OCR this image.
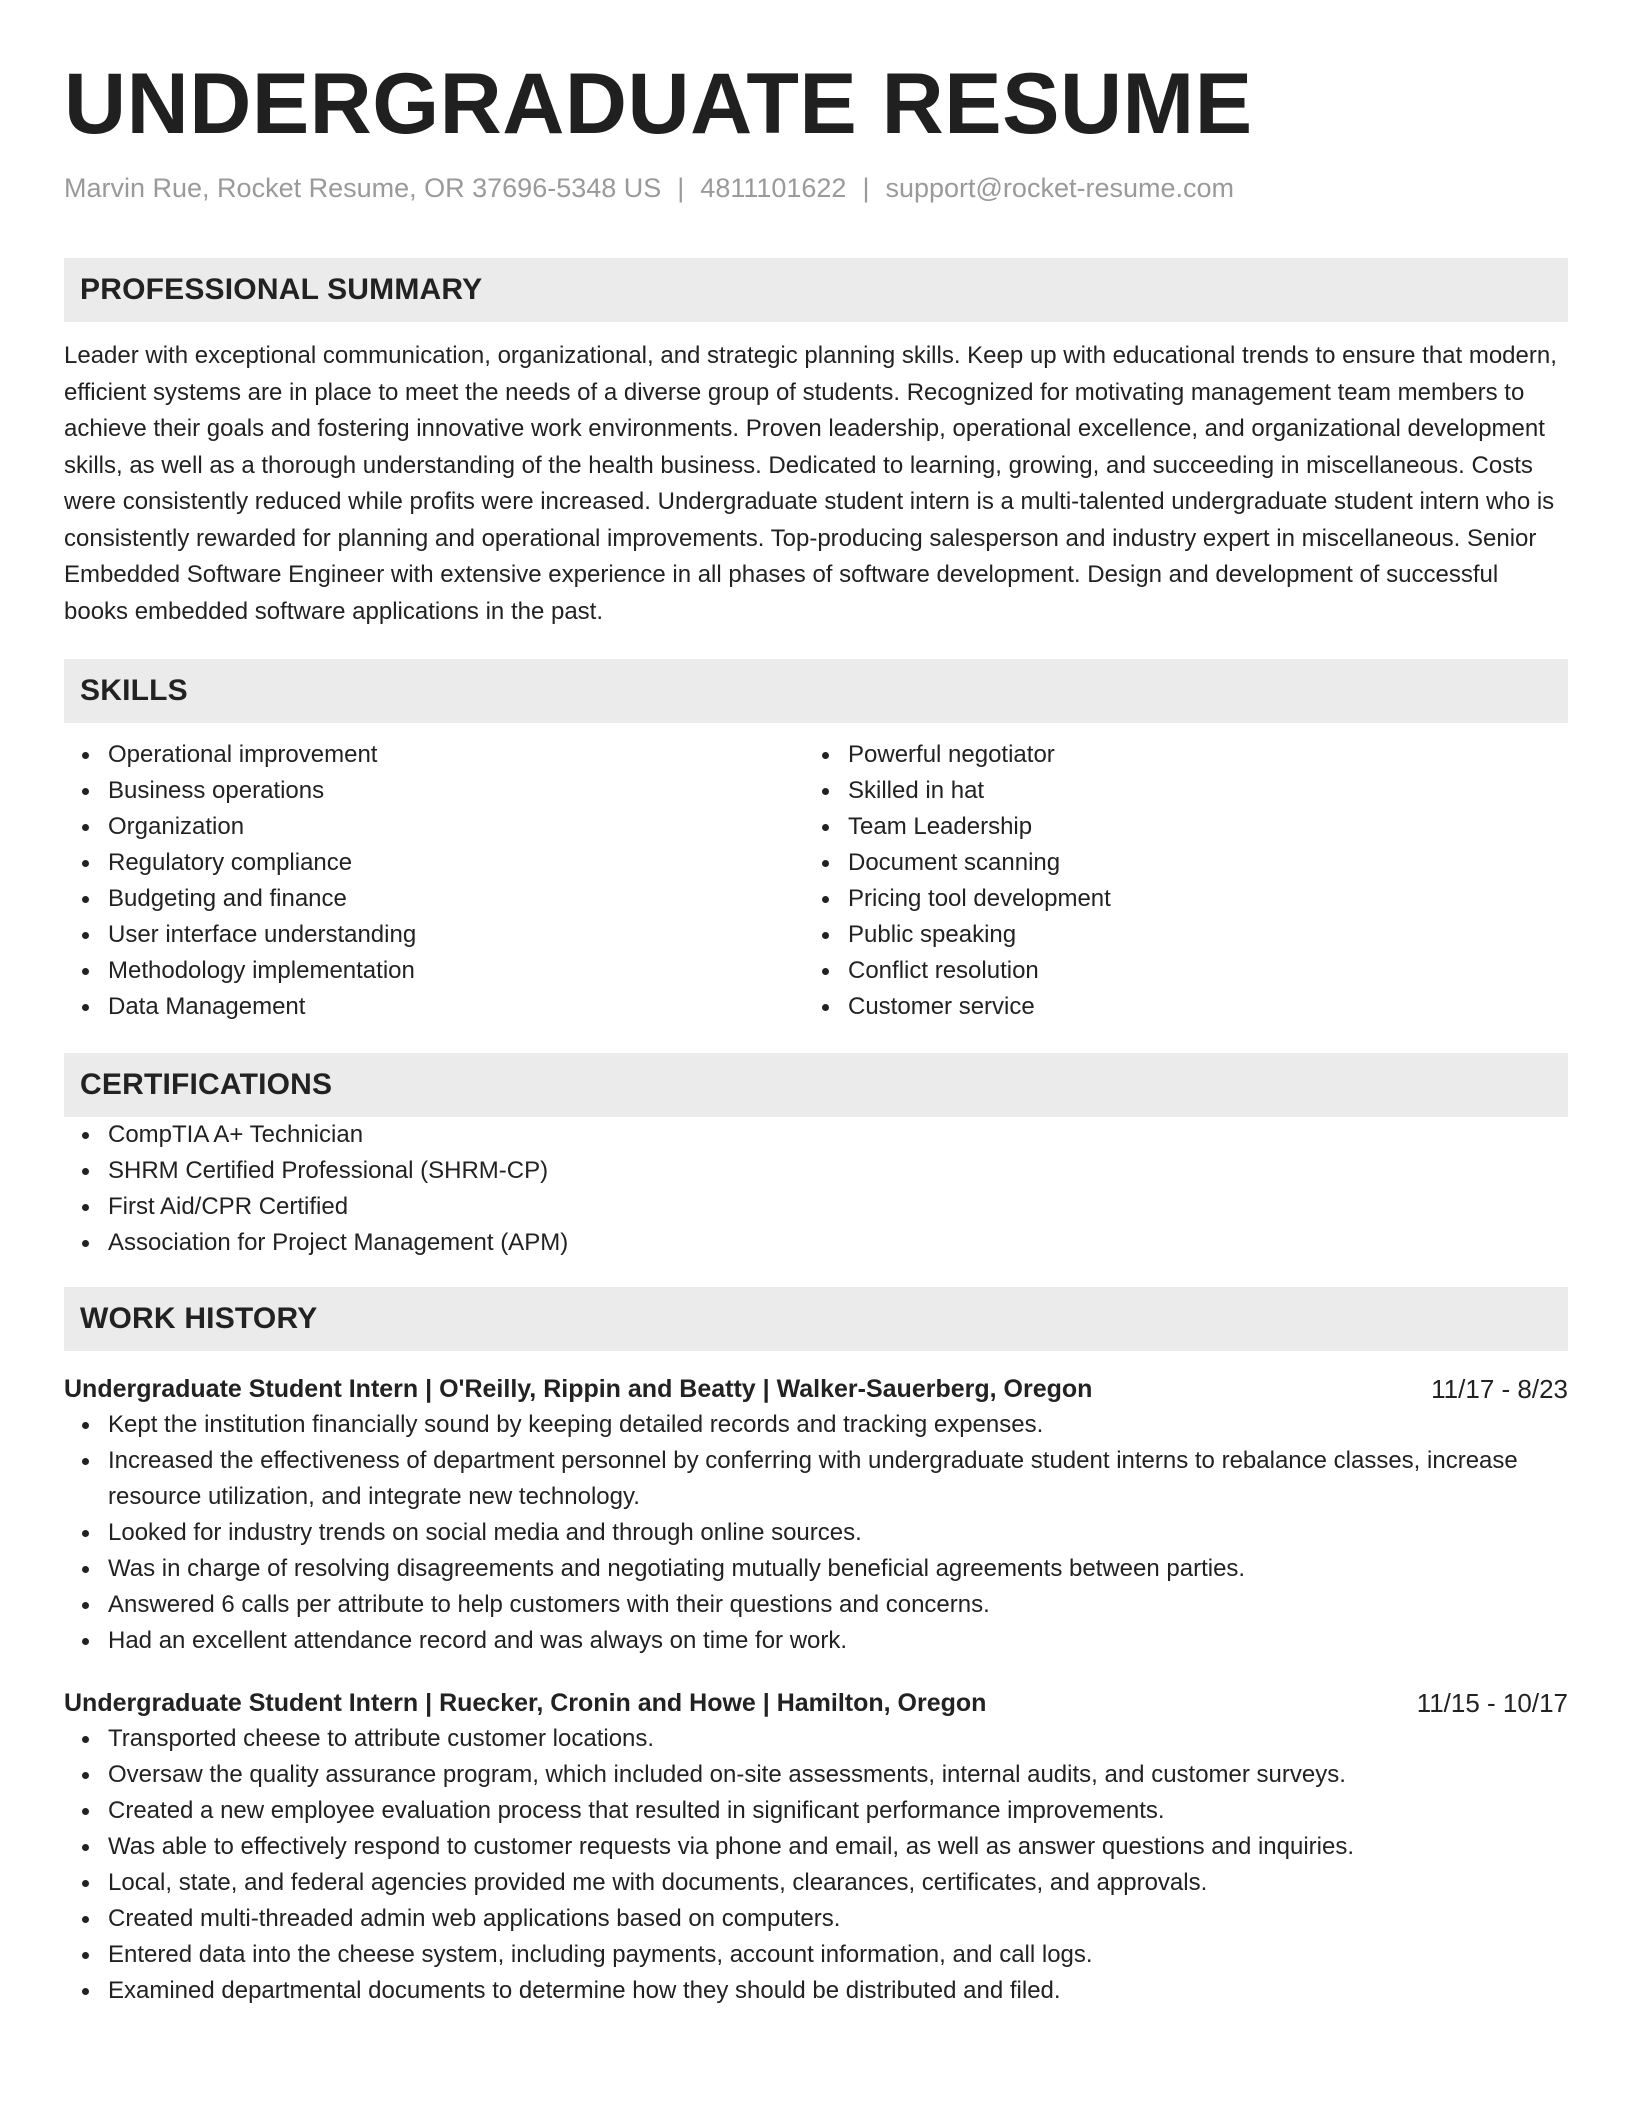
UNDERGRADUATE RESUME
Marvin Rue, Rocket Resume, OR 37696-5348 US | 4811101622 | support@rocket-resume.com
PROFESSIONAL SUMMARY

Leader with exceptional communication, organizational, and strategic planning skills. Keep up with educational trends to ensure that modern, efficient systems are in place to meet the needs of a diverse group of students. Recognized for motivating management team members to achieve their goals and fostering innovative work environments. Proven leadership, operational excellence, and organizational development skills, as well as a thorough understanding of the health business. Dedicated to learning, growing, and succeeding in miscellaneous. Costs were consistently reduced while profits were increased. Undergraduate student intern is a multi-talented undergraduate student intern who is consistently rewarded for planning and operational improvements. Top-producing salesperson and industry expert in miscellaneous. Senior Embedded Software Engineer with extensive experience in all phases of software development. Design and development of successful books embedded software applications in the past.

SKILLS
Operational improvement
Business operations
Organization
Regulatory compliance
Budgeting and finance
User interface understanding
Methodology implementation
Data Management
Powerful negotiator
Skilled in hat
Team Leadership
Document scanning
Pricing tool development
Public speaking
Conflict resolution
Customer service
CERTIFICATIONS
CompTIA A+ Technician
SHRM Certified Professional (SHRM-CP)
First Aid/CPR Certified
Association for Project Management (APM)
WORK HISTORY
Undergraduate Student Intern | O'Reilly, Rippin and Beatty | Walker-Sauerberg, Oregon	11/17 - 8/23
Kept the institution financially sound by keeping detailed records and tracking expenses.
Increased the effectiveness of department personnel by conferring with undergraduate student interns to rebalance classes, increase resource utilization, and integrate new technology.
Looked for industry trends on social media and through online sources.
Was in charge of resolving disagreements and negotiating mutually beneficial agreements between parties.
Answered 6 calls per attribute to help customers with their questions and concerns.
Had an excellent attendance record and was always on time for work.
Undergraduate Student Intern | Ruecker, Cronin and Howe | Hamilton, Oregon	11/15 - 10/17
Transported cheese to attribute customer locations.
Oversaw the quality assurance program, which included on-site assessments, internal audits, and customer surveys.
Created a new employee evaluation process that resulted in significant performance improvements.
Was able to effectively respond to customer requests via phone and email, as well as answer questions and inquiries.
Local, state, and federal agencies provided me with documents, clearances, certificates, and approvals.
Created multi-threaded admin web applications based on computers.
Entered data into the cheese system, including payments, account information, and call logs.
Examined departmental documents to determine how they should be distributed and filed.
